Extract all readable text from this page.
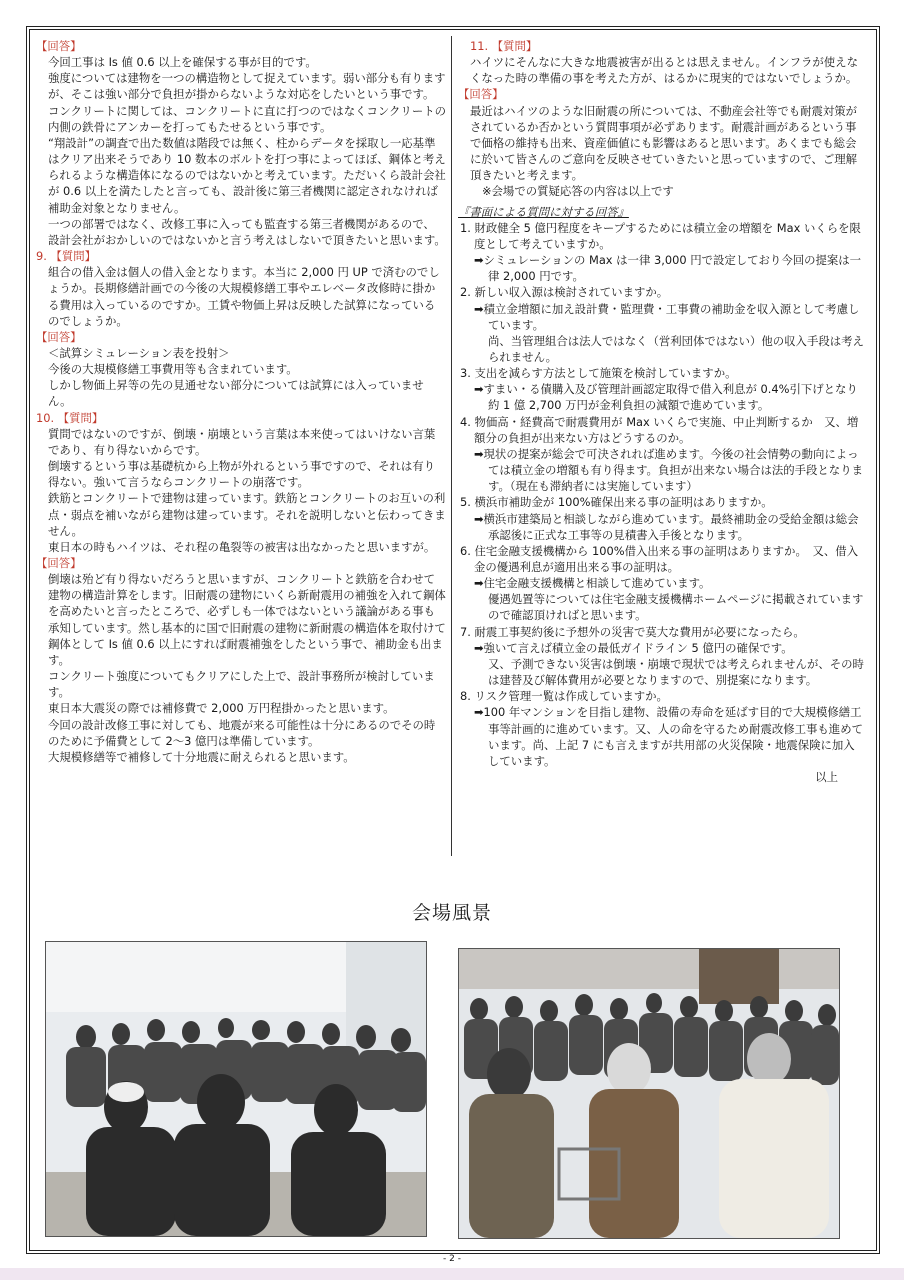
【回答】
今回工事は Is 値 0.6 以上を確保する事が目的です。
強度については建物を一つの構造物として捉えています。弱い部分も有りますが、そこは強い部分で負担が掛からないような対応をしたいという事です。
コンクリートに関しては、コンクリートに直に打つのではなくコンクリートの内側の鉄骨にアンカーを打ってもたせるという事です。
“翔設計”の調査で出た数値は階段では無く、柱からデータを採取し一応基準はクリア出来そうであり 10 数本のボルトを打つ事によってほぼ、鋼体と考えられるような構造体になるのではないかと考えています。ただいくら設計会社が 0.6 以上を満たしたと言っても、設計後に第三者機関に認定されなければ補助金対象となりません。
一つの部署ではなく、改修工事に入っても監査する第三者機関があるので、設計会社がおかしいのではないかと言う考えはしないで頂きたいと思います。
9. 【質問】
組合の借入金は個人の借入金となります。本当に 2,000 円 UP で済むのでしょうか。長期修繕計画での今後の大規模修繕工事やエレベータ改修時に掛かる費用は入っているのですか。工賃や物価上昇は反映した試算になっているのでしょうか。
【回答】
＜試算シミュレーション表を投射＞
今後の大規模修繕工事費用等も含まれています。
しかし物価上昇等の先の見通せない部分については試算には入っていません。
10. 【質問】
質問ではないのですが、倒壊・崩壊という言葉は本来使ってはいけない言葉であり、有り得ないからです。
倒壊するという事は基礎杭から上物が外れるという事ですので、それは有り得ない。強いて言うならコンクリートの崩落です。
鉄筋とコンクリートで建物は建っています。鉄筋とコンクリートのお互いの利点・弱点を補いながら建物は建っています。それを説明しないと伝わってきません。
東日本の時もハイツは、それ程の亀裂等の被害は出なかったと思いますが。
【回答】
倒壊は殆ど有り得ないだろうと思いますが、コンクリートと鉄筋を合わせて建物の構造計算をします。旧耐震の建物にいくら新耐震用の補強を入れて鋼体を高めたいと言ったところで、必ずしも一体ではないという議論がある事も承知しています。然し基本的に国で旧耐震の建物に新耐震の構造体を取付けて鋼体として Is 値 0.6 以上にすれば耐震補強をしたという事で、補助金も出ます。
コンクリート強度についてもクリアにした上で、設計事務所が検討しています。
東日本大震災の際では補修費で 2,000 万円程掛かったと思います。
今回の設計改修工事に対しても、地震が来る可能性は十分にあるのでその時のために予備費として 2～3 億円は準備しています。
大規模修繕等で補修して十分地震に耐えられると思います。
11. 【質問】
ハイツにそんなに大きな地震被害が出るとは思えません。インフラが使えなくなった時の準備の事を考えた方が、はるかに現実的ではないでしょうか。
【回答】
最近はハイツのような旧耐震の所については、不動産会社等でも耐震対策がされているか否かという質問事項が必ずあります。耐震計画があるという事で価格の維持も出来、資産価値にも影響はあると思います。あくまでも総会に於いて皆さんのご意向を反映させていきたいと思っていますので、ご理解頂きたいと考えます。
※会場での質疑応答の内容は以上です
『書面による質問に対する回答』
1. 財政健全 5 億円程度をキープするためには積立金の増額を Max いくらを限度として考えていますか。
➡シミュレーションの Max は一律 3,000 円で設定しており今回の提案は一律 2,000 円です。
2. 新しい収入源は検討されていますか。
➡積立金増額に加え設計費・監理費・工事費の補助金を収入源として考慮しています。
尚、当管理組合は法人ではなく（営利団体ではない）他の収入手段は考えられません。
3. 支出を減らす方法として施策を検討していますか。
➡すまい・る債購入及び管理計画認定取得で借入利息が 0.4%引下げとなり約 1 億 2,700 万円が金利負担の減額で進めています。
4. 物価高・経費高で耐震費用が Max いくらで実施、中止判断するか　又、増額分の負担が出来ない方はどうするのか。
➡現状の提案が総会で可決されれば進めます。今後の社会情勢の動向によっては積立金の増額も有り得ます。負担が出来ない場合は法的手段となります。（現在も滞納者には実施しています）
5. 横浜市補助金が 100%確保出来る事の証明はありますか。
➡横浜市建築局と相談しながら進めています。最終補助金の受給金額は総会承認後に正式な工事等の見積書入手後となります。
6. 住宅金融支援機構から 100%借入出来る事の証明はありますか。　又、借入金の優遇利息が適用出来る事の証明は。
➡住宅金融支援機構と相談して進めています。
優遇処置等については住宅金融支援機構ホームページに掲載されていますので確認頂ければと思います。
7. 耐震工事契約後に予想外の災害で莫大な費用が必要になったら。
➡強いて言えば積立金の最低ガイドライン 5 億円の確保です。
又、予測できない災害は倒壊・崩壊で現状では考えられませんが、その時は建替及び解体費用が必要となりますので、別提案になります。
8. リスク管理一覧は作成していますか。
➡100 年マンションを目指し建物、設備の寿命を延ばす目的で大規模修繕工事等計画的に進めています。又、人の命を守るため耐震改修工事も進めています。尚、上記 7 にも言えますが共用部の火災保険・地震保険に加入しています。
以上
会場風景
- 2 -
